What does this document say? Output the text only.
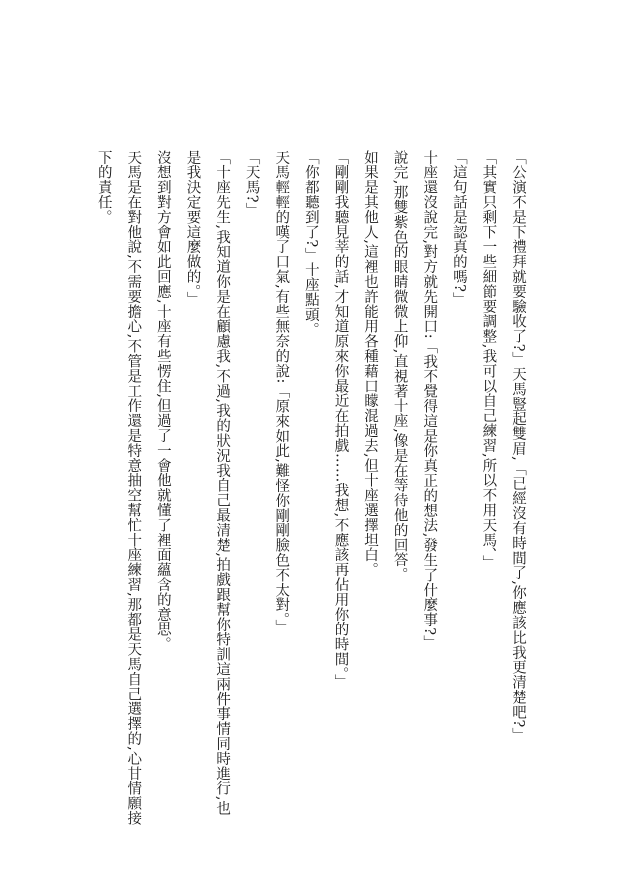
「公演不是下禮拜就要驗收了?」天馬豎起雙眉,「已經沒有時間了,你應該比我更清楚吧?」

「其實只剩下一些細節要調整,我可以自己練習,所以不用天馬、」

「這句話是認真的嗎?」

十座還沒說完,對方就先開口:「我不覺得這是你真正的想法,發生了什麼事?」

說完,那雙紫色的眼睛微微上仰,直視著十座,像是在等待他的回答。

如果是其他人,這裡也許能用各種藉口矇混過去,但十座選擇坦白。

「剛剛我聽見莘的話,才知道原來你最近在拍戲……我想,不應該再佔用你的時間。」

「你都聽到了?」十座點頭。

天馬輕輕的嘆了口氣,有些無奈的說:「原來如此,難怪你剛剛臉色不太對。」

「天馬?」

「十座先生,我知道你是在顧慮我,不過,我的狀況我自己最清楚,拍戲跟幫你特訓這兩件事情同時進行,也是我決定要這麼做的。」

沒想到對方會如此回應,十座有些愣住,但過了一會他就懂了裡面蘊含的意思。

天馬是在對他說,不需要擔心,不管是工作還是特意抽空幫忙十座練習,那都是天馬自己選擇的,心甘情願接下的責任。
